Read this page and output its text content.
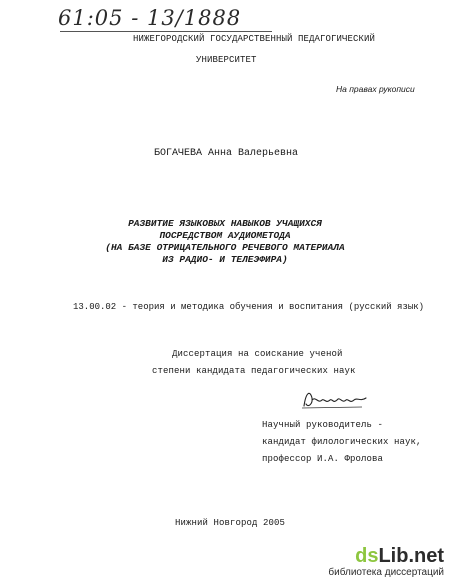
61:05 - 13/1888
НИЖЕГОРОДСКИЙ ГОСУДАРСТВЕННЫЙ ПЕДАГОГИЧЕСКИЙ
УНИВЕРСИТЕТ
На правах рукописи
БОГАЧЕВА Анна Валерьевна
РАЗВИТИЕ ЯЗЫКОВЫХ НАВЫКОВ УЧАЩИХСЯ
ПОСРЕДСТВОМ АУДИОМЕТОДА
(НА БАЗЕ ОТРИЦАТЕЛЬНОГО РЕЧЕВОГО МАТЕРИАЛА
ИЗ РАДИО- И ТЕЛЕЭФИРА)
13.00.02 - теория и методика обучения и воспитания (русский язык)
Диссертация на соискание ученой
степени кандидата педагогических наук
Научный руководитель -
кандидат филологических наук,
профессор И.А. Фролова
Нижний Новгород 2005
dsLib.net
библиотека диссертаций
